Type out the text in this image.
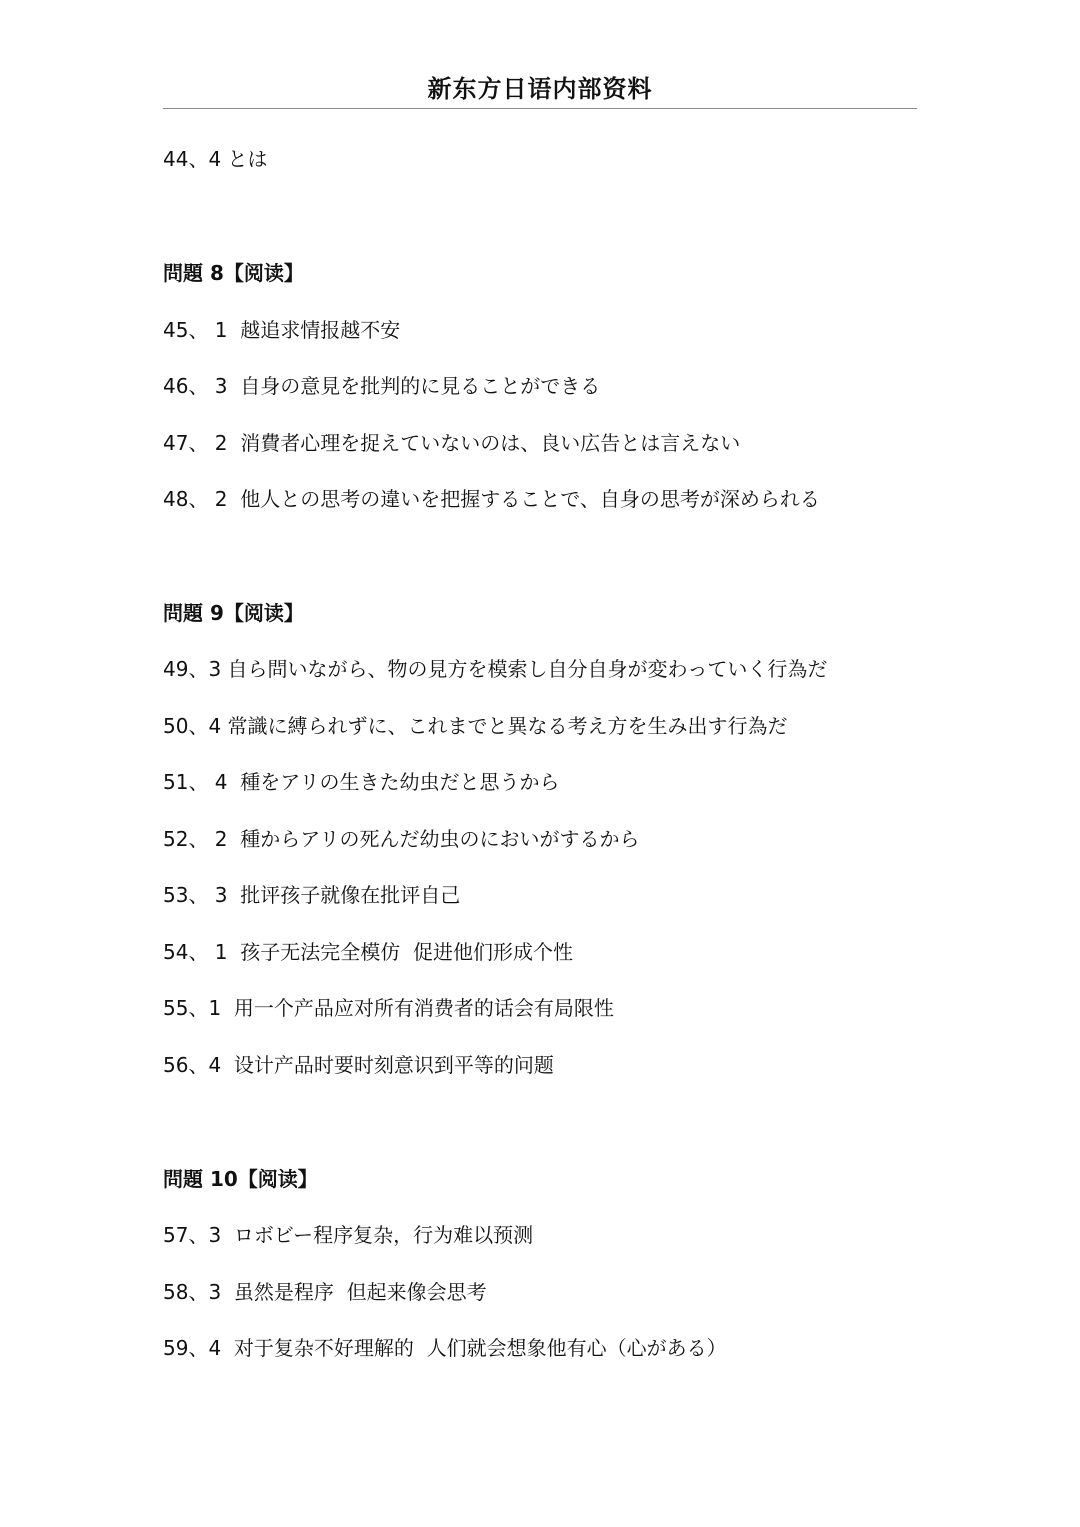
新东方日语内部资料
44、4 とは
問題 8【阅读】
45、 1  越追求情报越不安
46、 3  自身の意見を批判的に見ることができる
47、 2  消費者心理を捉えていないのは、良い広告とは言えない
48、 2  他人との思考の違いを把握することで、自身の思考が深められる
問題 9【阅读】
49、3 自ら問いながら、物の見方を模索し自分自身が変わっていく行為だ
50、4 常識に縛られずに、これまでと異なる考え方を生み出す行為だ
51、 4  種をアリの生きた幼虫だと思うから
52、 2  種からアリの死んだ幼虫のにおいがするから
53、 3  批评孩子就像在批评自己
54、 1  孩子无法完全模仿  促进他们形成个性
55、1  用一个产品应对所有消费者的话会有局限性
56、4  设计产品时要时刻意识到平等的问题
問題 10【阅读】
57、3  ロボビー程序复杂，行为难以预测
58、3  虽然是程序  但起来像会思考
59、4  对于复杂不好理解的  人们就会想象他有心（心がある）
